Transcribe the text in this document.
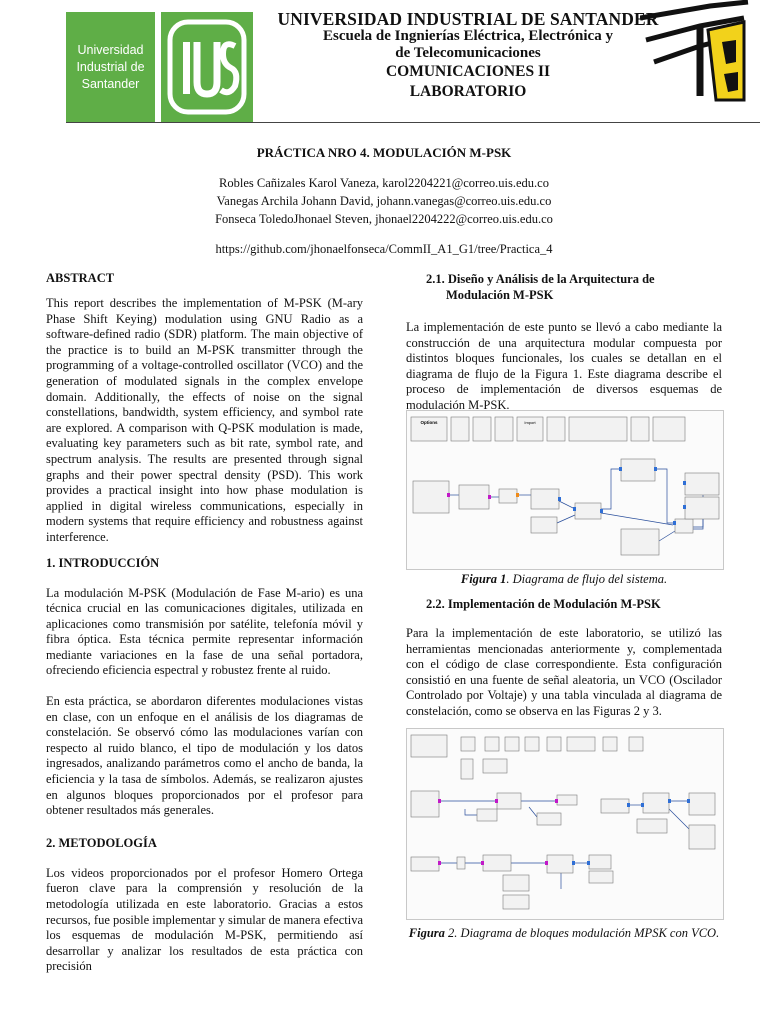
Universidad
Industrial de
Santander
UNIVERSIDAD INDUSTRIAL DE SANTANDER
Escuela de Ingnierías Eléctrica, Electrónica y
de Telecomunicaciones
COMUNICACIONES II
LABORATORIO
PRÁCTICA NRO 4. MODULACIÓN M-PSK
Robles Cañizales Karol Vaneza, karol2204221@correo.uis.edu.co
Vanegas Archila Johann David, johann.vanegas@correo.uis.edu.co
Fonseca ToledoJhonael Steven, jhonael2204222@correo.uis.edu.co
https://github.com/jhonaelfonseca/CommII_A1_G1/tree/Practica_4
ABSTRACT

This report describes the implementation of M-PSK (M-ary Phase Shift Keying) modulation using GNU Radio as a software-defined radio (SDR) platform. The main objective of the practice is to build an M-PSK transmitter through the programming of a voltage-controlled oscillator (VCO) and the generation of modulated signals in the complex envelope domain. Additionally, the effects of noise on the signal constellations, bandwidth, system efficiency, and symbol rate are explored. A comparison with Q-PSK modulation is made, evaluating key parameters such as bit rate, symbol rate, and spectrum analysis. The results are presented through signal graphs and their power spectral density (PSD). This work provides a practical insight into how phase modulation is applied in digital wireless communications, especially in modern systems that require efficiency and robustness against interference.

1. INTRODUCCIÓN

La modulación M-PSK (Modulación de Fase M-ario) es una técnica crucial en las comunicaciones digitales, utilizada en aplicaciones como transmisión por satélite, telefonía móvil y fibra óptica. Esta técnica permite representar información mediante variaciones en la fase de una señal portadora, ofreciendo eficiencia espectral y robustez frente al ruido.

En esta práctica, se abordaron diferentes modulaciones vistas en clase, con un enfoque en el análisis de los diagramas de constelación. Se observó cómo las modulaciones varían con respecto al ruido blanco, el tipo de modulación y los datos ingresados, analizando parámetros como el ancho de banda, la eficiencia y la tasa de símbolos. Además, se realizaron ajustes en algunos bloques proporcionados por el profesor para obtener resultados más generales.

2. METODOLOGÍA

Los videos proporcionados por el profesor Homero Ortega fueron clave para la comprensión y resolución de la metodología utilizada en este laboratorio. Gracias a estos recursos, fue posible implementar y simular de manera efectiva los esquemas de modulación M-PSK, permitiendo así desarrollar y analizar los resultados de esta práctica con precisión

2.1. Diseño y Análisis de la Arquitectura de
Modulación M-PSK

La implementación de este punto se llevó a cabo mediante la construcción de una arquitectura modular compuesta por distintos bloques funcionales, los cuales se detallan en el diagrama de flujo de la Figura 1. Este diagrama describe el proceso de implementación de diversos esquemas de modulación M-PSK.

Options	Import
Figura 1. Diagrama de flujo del sistema.
2.2. Implementación de Modulación M-PSK

Para la implementación de este laboratorio, se utilizó las herramientas mencionadas anteriormente y, complementada con el código de clase correspondiente. Esta configuración consistió en una fuente de señal aleatoria, un VCO (Oscilador Controlado por Voltaje) y una tabla vinculada al diagrama de constelación, como se observa en las Figuras 2 y 3.

Figura 2. Diagrama de bloques modulación MPSK con VCO.
